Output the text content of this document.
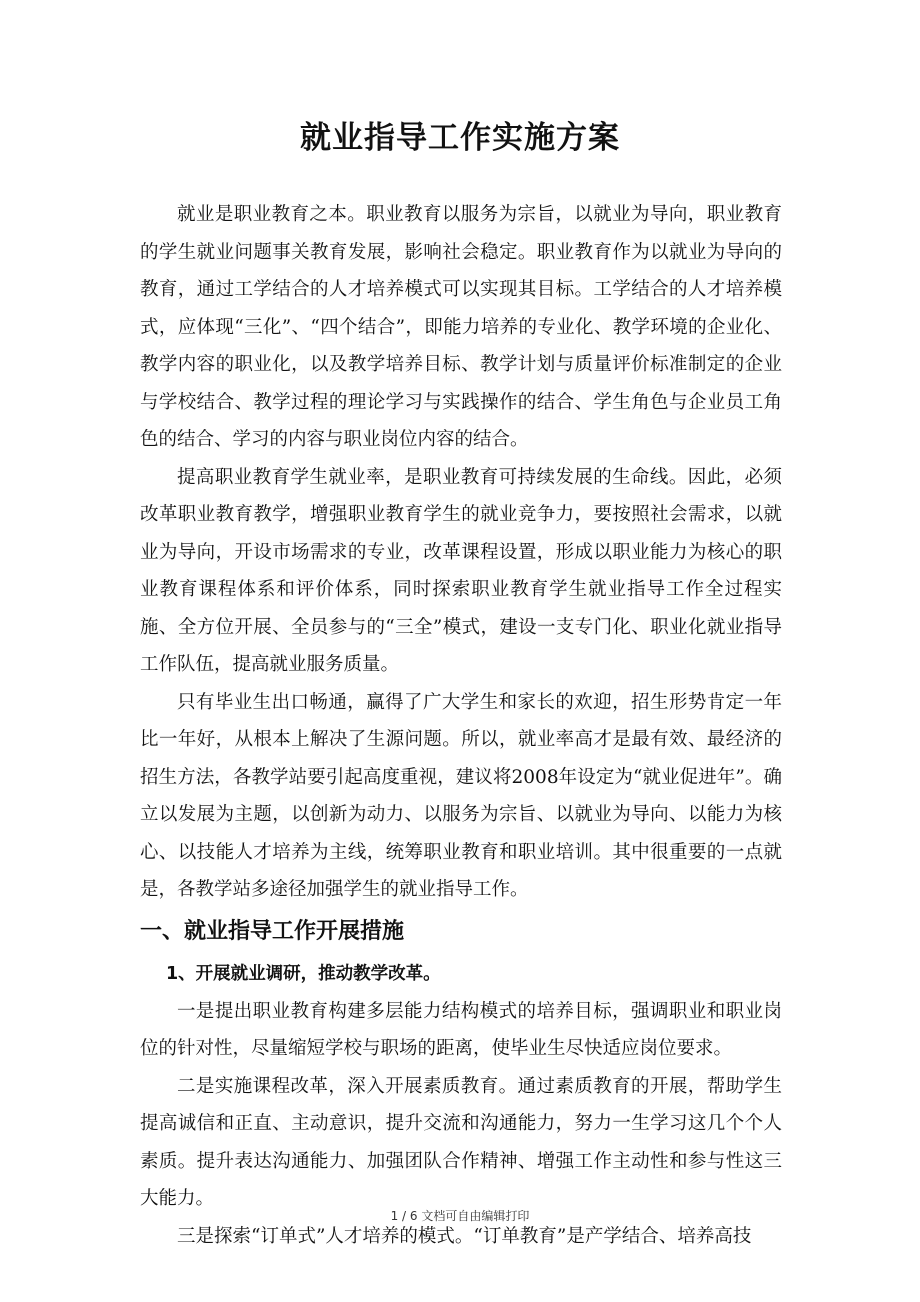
就业指导工作实施方案

就业是职业教育之本。职业教育以服务为宗旨，以就业为导向，职业教育的学生就业问题事关教育发展，影响社会稳定。职业教育作为以就业为导向的教育，通过工学结合的人才培养模式可以实现其目标。工学结合的人才培养模式，应体现“三化”、“四个结合”，即能力培养的专业化、教学环境的企业化、教学内容的职业化，以及教学培养目标、教学计划与质量评价标准制定的企业与学校结合、教学过程的理论学习与实践操作的结合、学生角色与企业员工角色的结合、学习的内容与职业岗位内容的结合。

提高职业教育学生就业率，是职业教育可持续发展的生命线。因此，必须改革职业教育教学，增强职业教育学生的就业竞争力，要按照社会需求，以就业为导向，开设市场需求的专业，改革课程设置，形成以职业能力为核心的职业教育课程体系和评价体系，同时探索职业教育学生就业指导工作全过程实施、全方位开展、全员参与的“三全”模式，建设一支专门化、职业化就业指导工作队伍，提高就业服务质量。

只有毕业生出口畅通，赢得了广大学生和家长的欢迎，招生形势肯定一年比一年好，从根本上解决了生源问题。所以，就业率高才是最有效、最经济的招生方法，各教学站要引起高度重视，建议将2008年设定为“就业促进年”。确立以发展为主题，以创新为动力、以服务为宗旨、以就业为导向、以能力为核心、以技能人才培养为主线，统筹职业教育和职业培训。其中很重要的一点就是，各教学站多途径加强学生的就业指导工作。

一、就业指导工作开展措施
1、开展就业调研，推动教学改革。

一是提出职业教育构建多层能力结构模式的培养目标，强调职业和职业岗位的针对性，尽量缩短学校与职场的距离，使毕业生尽快适应岗位要求。

二是实施课程改革，深入开展素质教育。通过素质教育的开展，帮助学生提高诚信和正直、主动意识，提升交流和沟通能力，努力一生学习这几个个人素质。提升表达沟通能力、加强团队合作精神、增强工作主动性和参与性这三大能力。

三是探索“订单式”人才培养的模式。“订单教育”是产学结合、培养高技

1 / 6 文档可自由编辑打印
